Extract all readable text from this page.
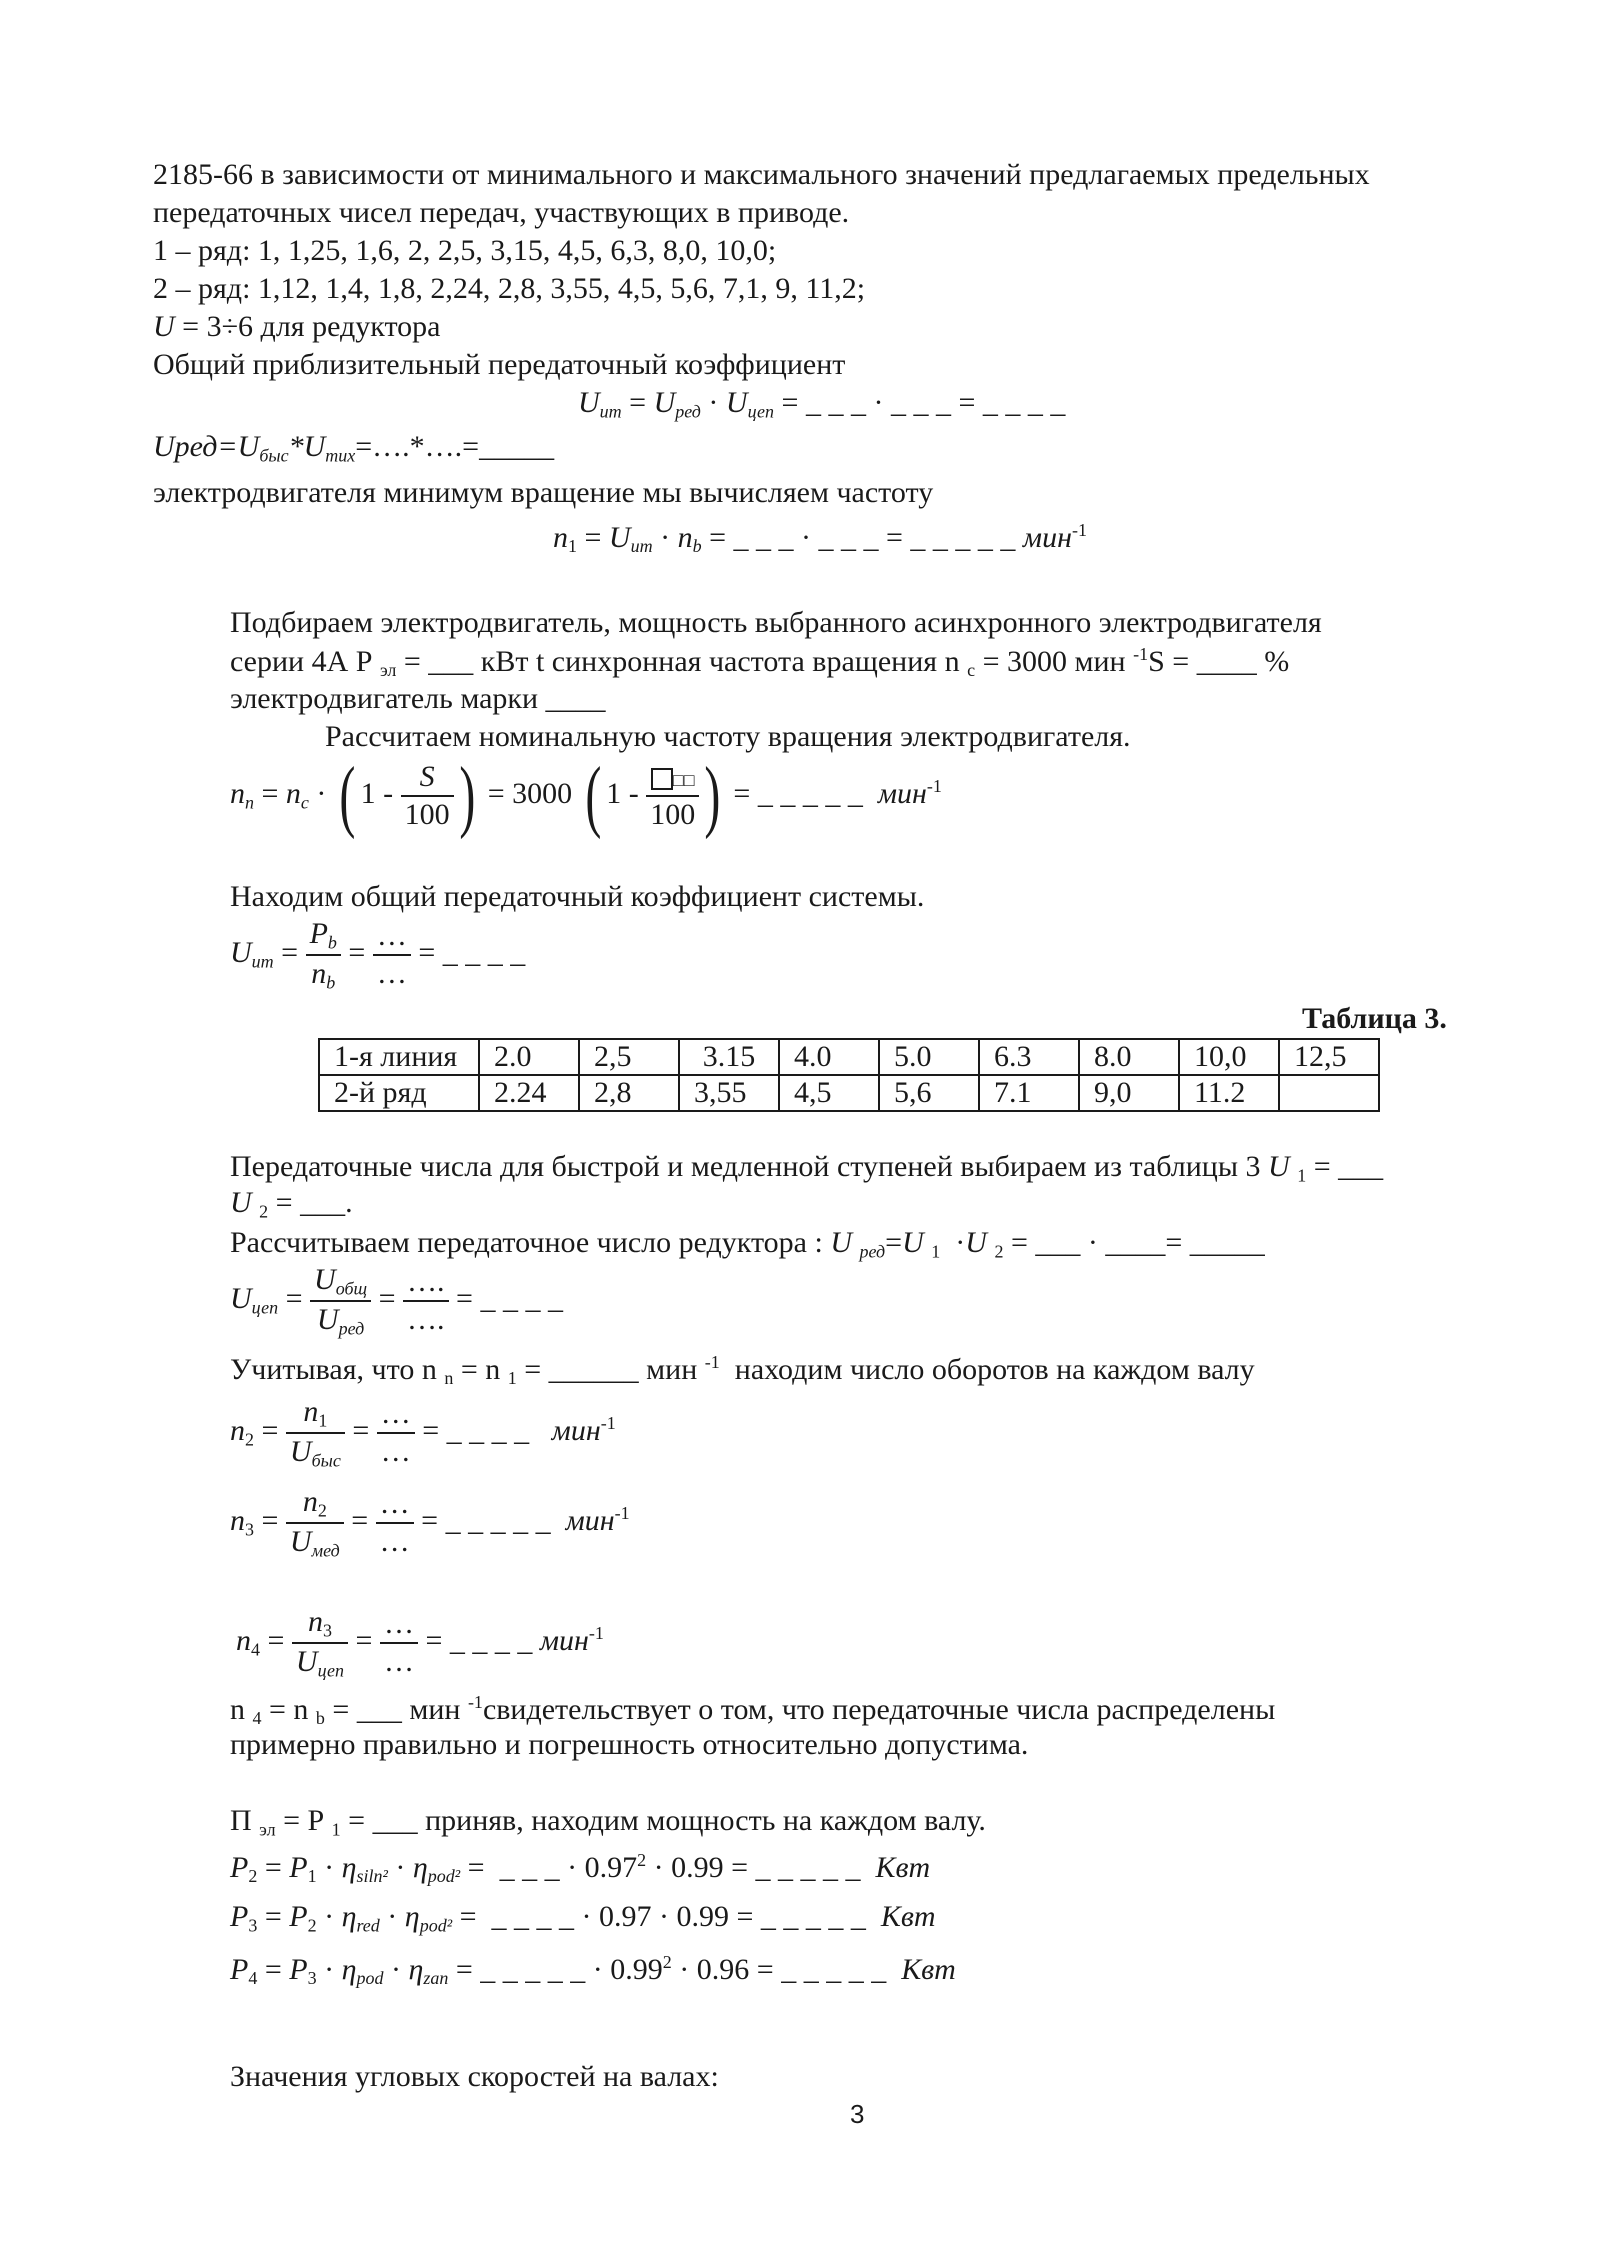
2185-66 в зависимости от минимального и максимального значений предлагаемых предельных
передаточных чисел передач, участвующих в приводе.
1 – ряд: 1, 1,25, 1,6, 2, 2,5, 3,15, 4,5, 6,3, 8,0, 10,0;
2 – ряд: 1,12, 1,4, 1,8, 2,24, 2,8, 3,55, 4,5, 5,6, 7,1, 9, 11,2;
U = 3÷6 для редуктора
Общий приблизительный передаточный коэффициент
$U_{ит} = U_{ред} \cdot U_{цеп}$ = _ _ _ · _ _ _ = _ _ _ _
$Uред=U_{быс}*U_{тих}=\dots.*\dots.=\_\_\_\_\_$
электродвигателя минимум вращение мы вычисляем частоту
$n_1 = U_{ит} \cdot n_b$ = _ _ _ · _ _ _ = _ _ _ _ _ мин$^{-1}$
Подбираем электродвигатель, мощность выбранного асинхронного электродвигателя
серии 4А Р $_{эл}$ = ___ кВт t синхронная частота вращения n $_с$ = 3000 мин $^{-1}$S = ____ %
электродвигатель марки ____
Рассчитаем номинальную частоту вращения электродвигателя.
$n_n = n_c$ · ( $1 - \frac{S}{100}$ ) = 3000 ( $1 - \frac{□□}{100}$ ) = _ _ _ _ _ мин$^{-1}$
Находим общий передаточный коэффициент системы.
$U_{ит} = \frac{P_b}{n_b} = \frac{\dots}{\dots}$ = _ _ _ _
Таблица 3.
1-я линия	2.0	2,5	3.15	4.0	5.0	6.3	8.0	10,0	12,5
2-й ряд	2.24	2,8	3,55	4,5	5,6	7.1	9,0	11.2	
Передаточные числа для быстрой и медленной ступеней выбираем из таблицы 3 U $_1$ = ___
U $_2$ = ___.
Рассчитываем передаточное число редуктора : U $_{ред}$=U $_1$  ·U $_2$ = ___ · ____= _____
$U_{цеп} = \frac{U_{общ}}{U_{ред}} = \frac{\dots.}{\dots.}$ = _ _ _ _
Учитывая, что n $_n$ = n $_1$ = ______ мин $^{-1}$ находим число оборотов на каждом валу
$n_2 = \frac{n_1}{U_{быс}} = \frac{\dots}{\dots}$ = _ _ _ _ мин$^{-1}$
$n_3 = \frac{n_2}{U_{мед}} = \frac{\dots}{\dots}$ = _ _ _ _ _ мин$^{-1}$
$n_4 = \frac{n_3}{U_{цеп}} = \frac{\dots}{\dots}$ = _ _ _ _ мин$^{-1}$
n $_4$ = n $_b$ = ___ мин $^{-1}$свидетельствует о том, что передаточные числа распределены
примерно правильно и погрешность относительно допустима.
П $_{эл}$ = Р $_1$ = ___ приняв, находим мощность на каждом валу.
$P_2 = P_1 \cdot \eta_{siln^2} \cdot \eta_{pod^2}$ =  _ _ _ · $0.97^2 \cdot 0.99$ = _ _ _ _ _ Квт
$P_3 = P_2 \cdot \eta_{red} \cdot \eta_{pod^2}$ =  _ _ _ _ · 0.97 · 0.99 = _ _ _ _ _ Квт
$P_4 = P_3 \cdot \eta_{pod} \cdot \eta_{zan}$ = _ _ _ _ _ · $0.99^2 \cdot 0.96$ = _ _ _ _ _ Квт
Значения угловых скоростей на валах:
3
